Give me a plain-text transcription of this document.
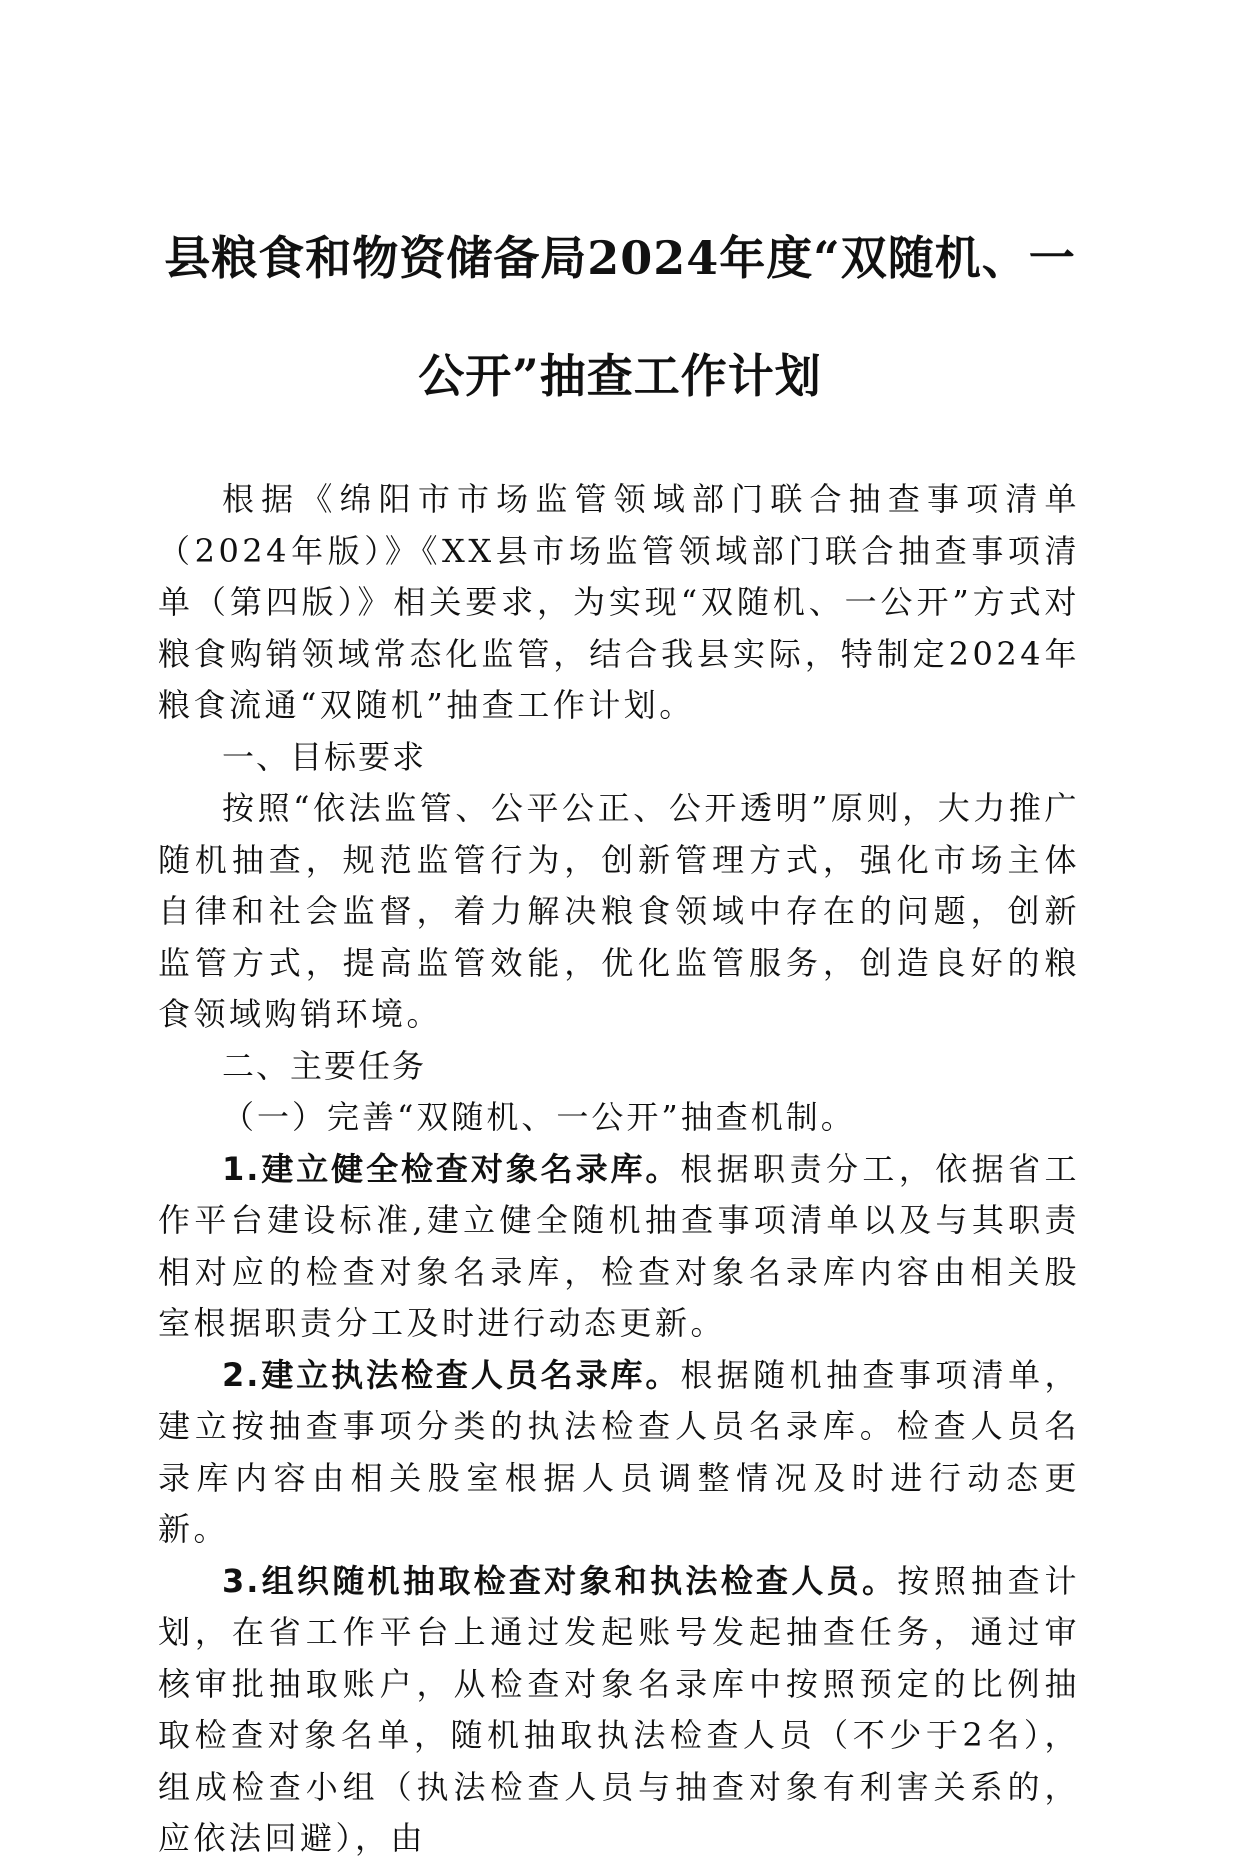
县粮食和物资储备局2024年度“双随机、一
公开”抽查工作计划

根据《绵阳市市场监管领域部门联合抽查事项清单（2024年版）》《XX县市场监管领域部门联合抽查事项清单（第四版）》相关要求，为实现“双随机、一公开”方式对粮食购销领域常态化监管，结合我县实际，特制定2024年粮食流通“双随机”抽查工作计划。

一、目标要求

按照“依法监管、公平公正、公开透明”原则，大力推广随机抽查，规范监管行为，创新管理方式，强化市场主体自律和社会监督，着力解决粮食领域中存在的问题，创新监管方式，提高监管效能，优化监管服务，创造良好的粮食领域购销环境。

二、主要任务

（一）完善“双随机、一公开”抽查机制。

1.建立健全检查对象名录库。根据职责分工，依据省工作平台建设标准,建立健全随机抽查事项清单以及与其职责相对应的检查对象名录库，检查对象名录库内容由相关股室根据职责分工及时进行动态更新。

2.建立执法检查人员名录库。根据随机抽查事项清单，建立按抽查事项分类的执法检查人员名录库。检查人员名录库内容由相关股室根据人员调整情况及时进行动态更新。

3.组织随机抽取检查对象和执法检查人员。按照抽查计划，在省工作平台上通过发起账号发起抽查任务，通过审核审批抽取账户，从检查对象名录库中按照预定的比例抽取检查对象名单，随机抽取执法检查人员（不少于2名），组成检查小组（执法检查人员与抽查对象有利害关系的，应依法回避），由
